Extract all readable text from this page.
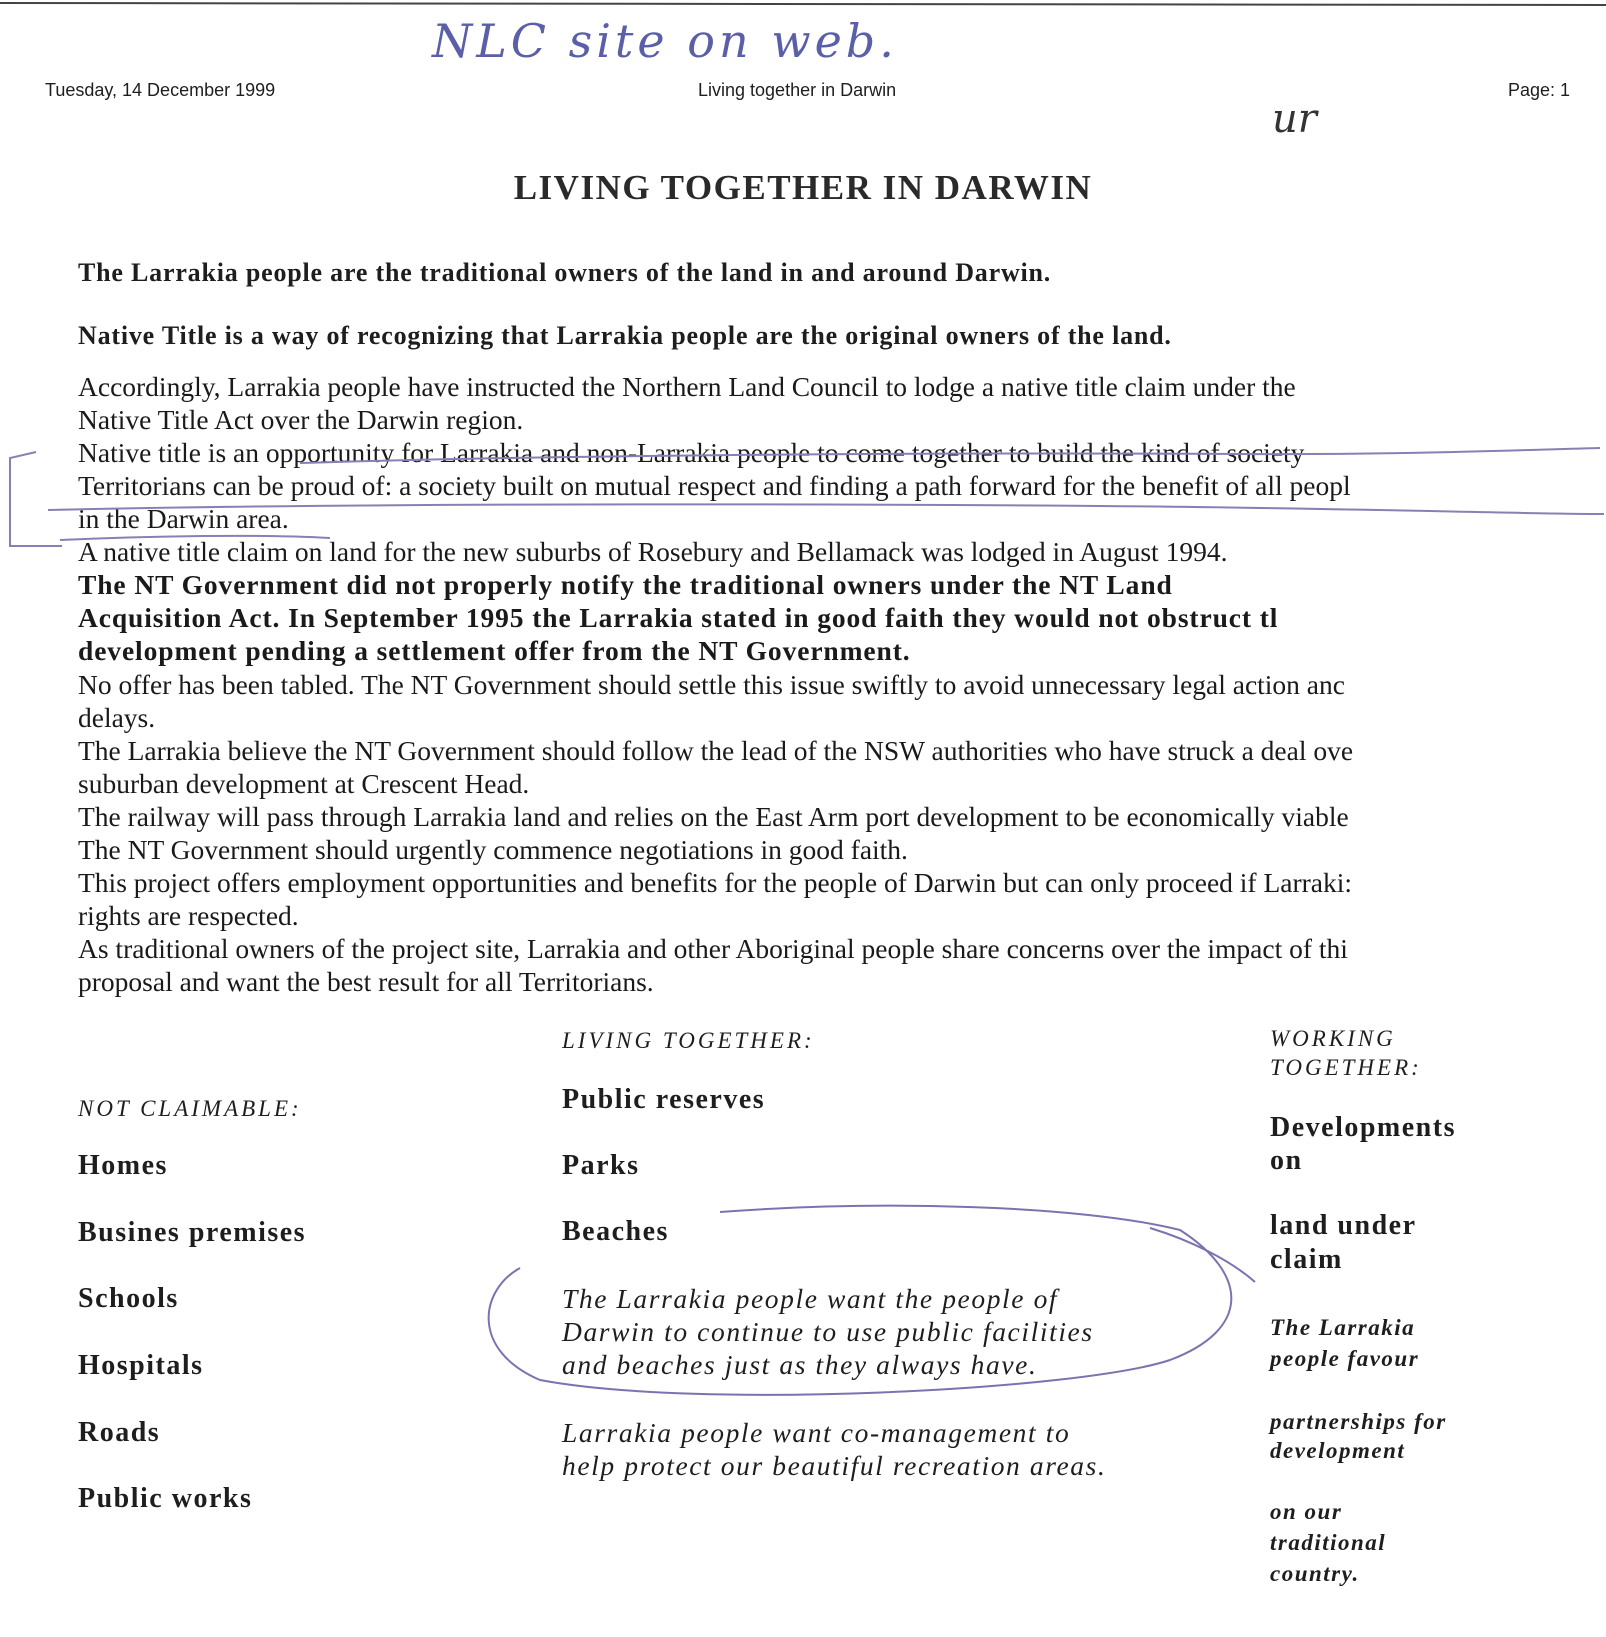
NLC site on web.
ur
Tuesday, 14 December 1999	Living together in Darwin	Page: 1
LIVING TOGETHER IN DARWIN
The Larrakia people are the traditional owners of the land in and around Darwin.
Native Title is a way of recognizing that Larrakia people are the original owners of the land.
Accordingly, Larrakia people have instructed the Northern Land Council to lodge a native title claim under the
Native Title Act over the Darwin region.
Native title is an opportunity for Larrakia and non-Larrakia people to come together to build the kind of society
Territorians can be proud of: a society built on mutual respect and finding a path forward for the benefit of all peopl
in the Darwin area.
A native title claim on land for the new suburbs of Rosebury and Bellamack was lodged in August 1994.
The NT Government did not properly notify the traditional owners under the NT Land
Acquisition Act. In September 1995 the Larrakia stated in good faith they would not obstruct tl
development pending a settlement offer from the NT Government.
No offer has been tabled. The NT Government should settle this issue swiftly to avoid unnecessary legal action anc
delays.
The Larrakia believe the NT Government should follow the lead of the NSW authorities who have struck a deal ove
suburban development at Crescent Head.
The railway will pass through Larrakia land and relies on the East Arm port development to be economically viable
The NT Government should urgently commence negotiations in good faith.
This project offers employment opportunities and benefits for the people of Darwin but can only proceed if Larraki:
rights are respected.
As traditional owners of the project site, Larrakia and other Aboriginal people share concerns over the impact of thi
proposal and want the best result for all Territorians.
NOT CLAIMABLE:
Homes
Busines premises
Schools
Hospitals
Roads
Public works
LIVING TOGETHER:
Public reserves
Parks
Beaches
The Larrakia people want the people of
Darwin to continue to use public facilities
and beaches just as they always have.
Larrakia people want co-management to
help protect our beautiful recreation areas.
WORKING
TOGETHER:
Developments
on
land under
claim
The Larrakia
people favour
partnerships for
development
on our
traditional
country.
